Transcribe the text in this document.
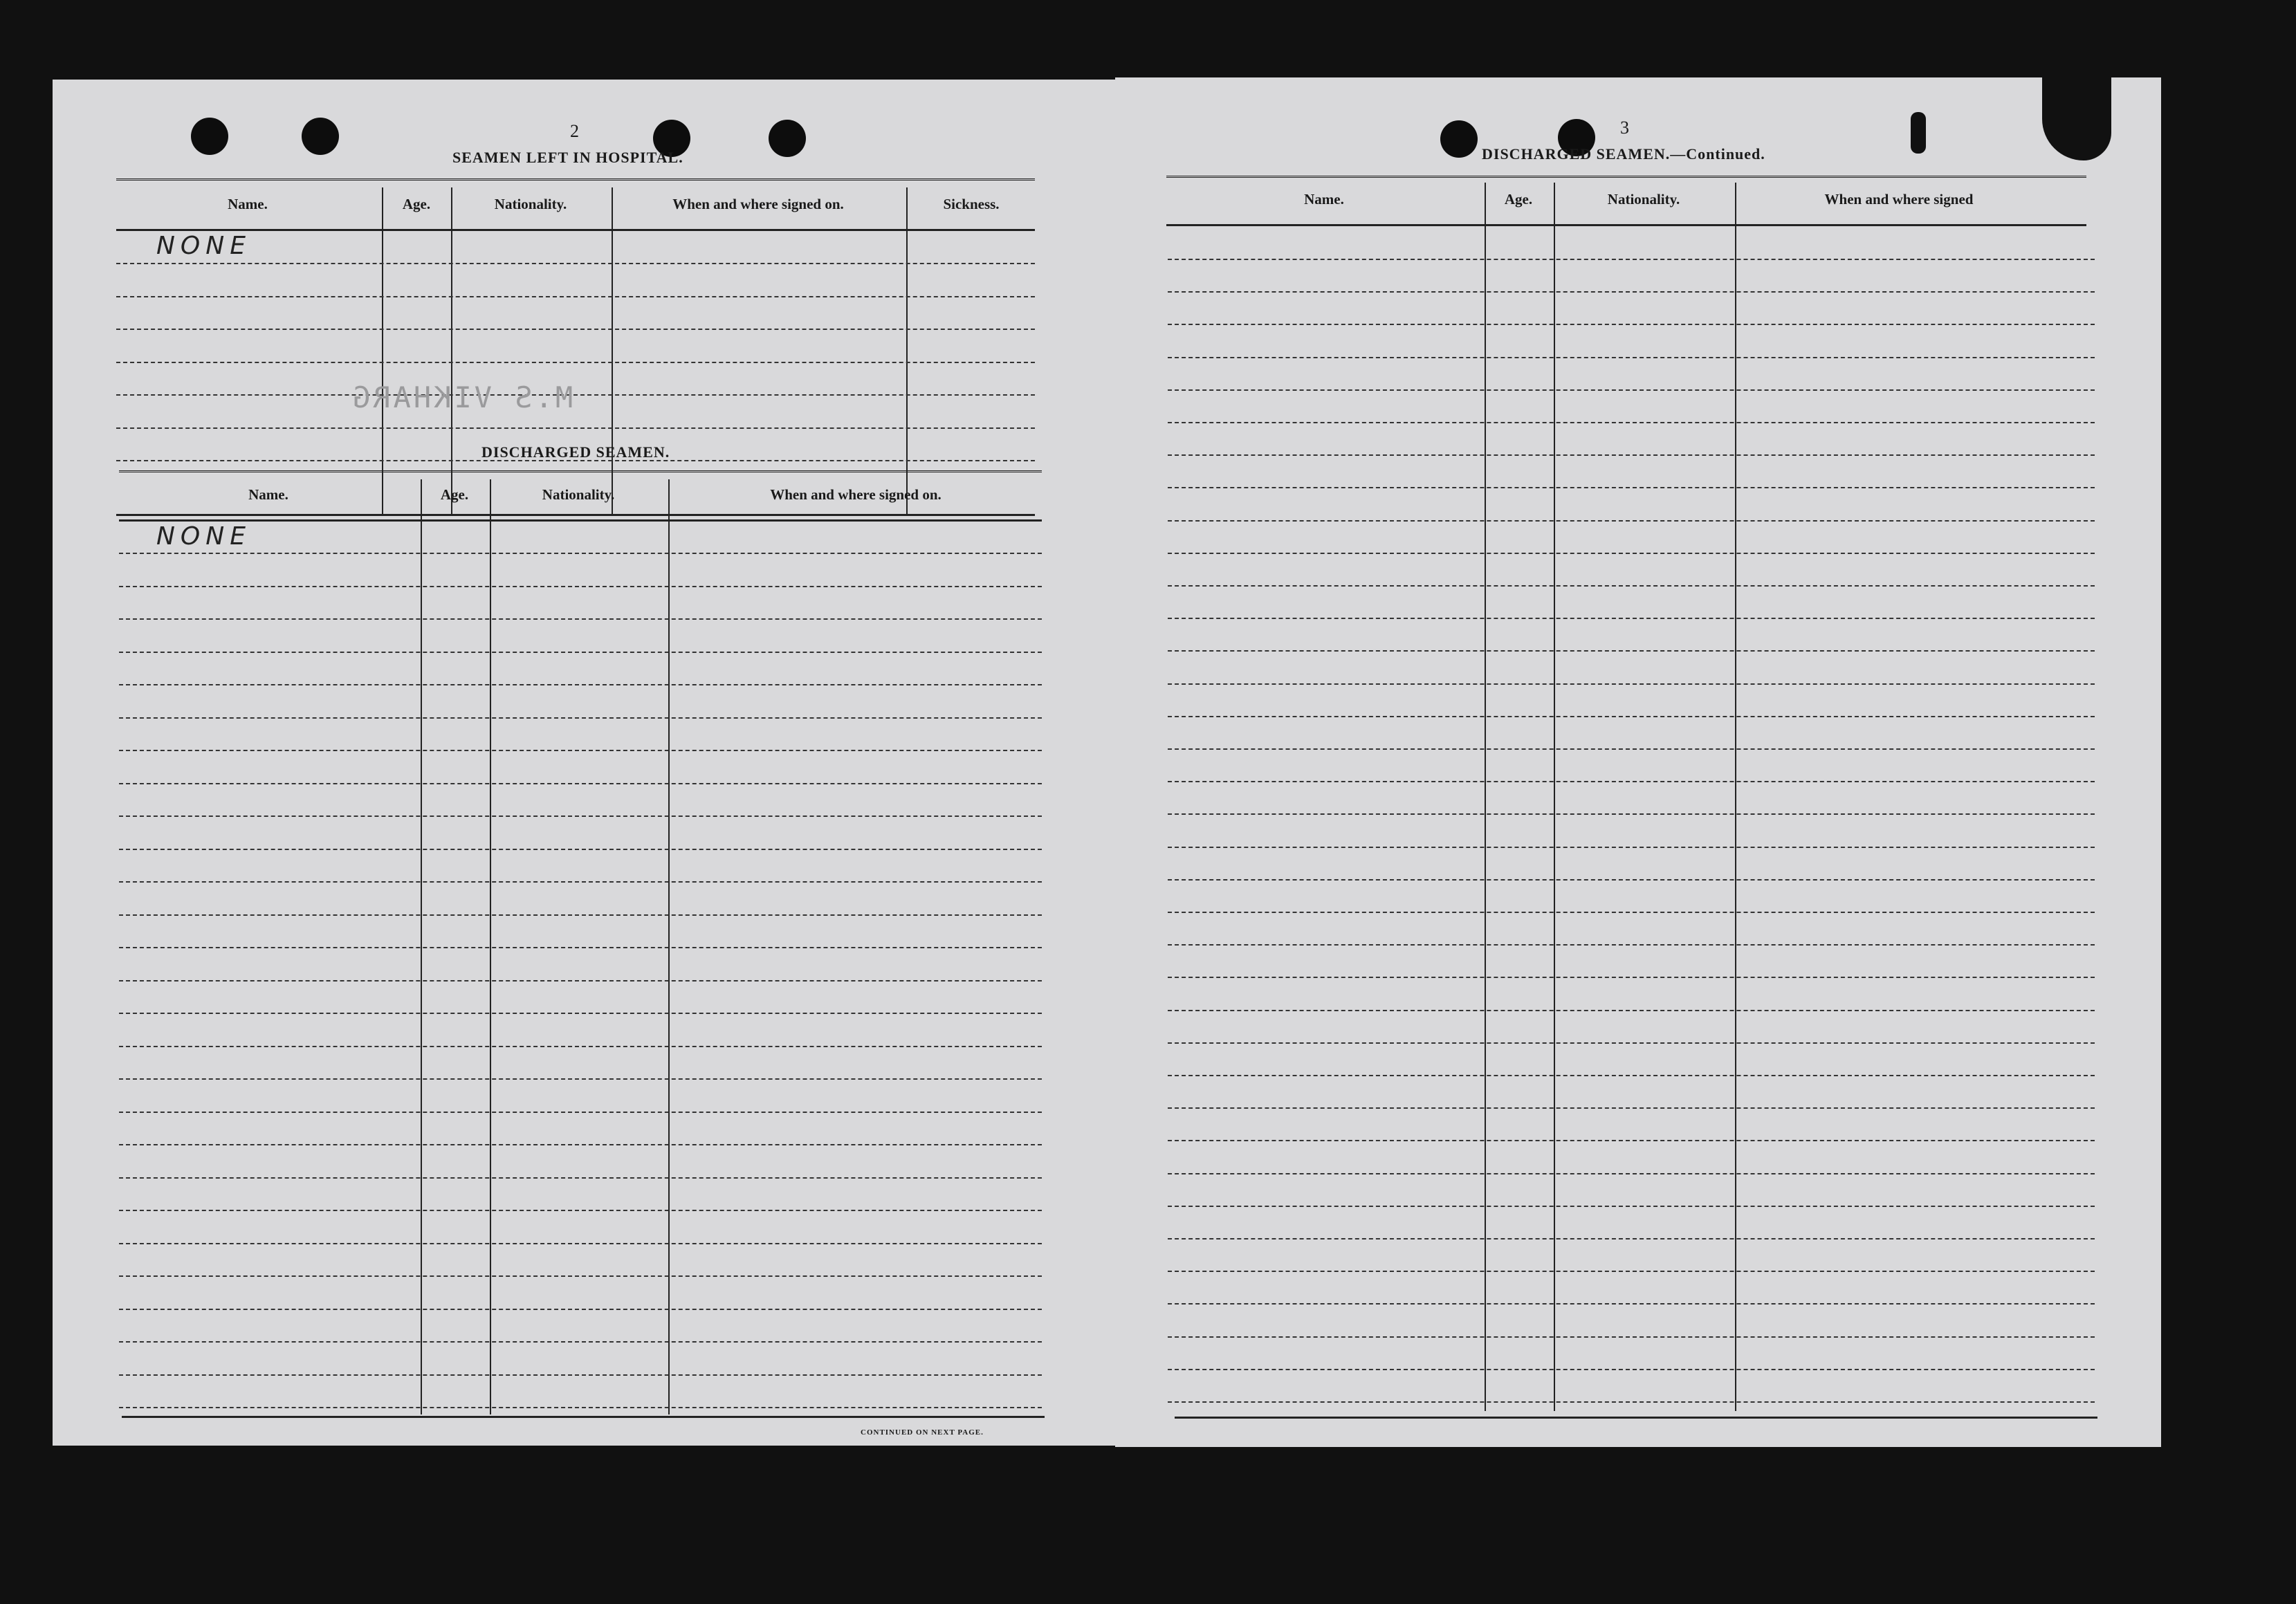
2
SEAMEN LEFT IN HOSPITAL.
Name.	Age.	Nationality.	When and where signed on.	Sickness.
NONE
M.S VIKHARG
DISCHARGED SEAMEN.
Name.	Age.	Nationality.	When and where signed on.
NONE
CONTINUED ON NEXT PAGE.
3
DISCHARGED SEAMEN.—Continued.
Name.	Age.	Nationality.	When and where signed
